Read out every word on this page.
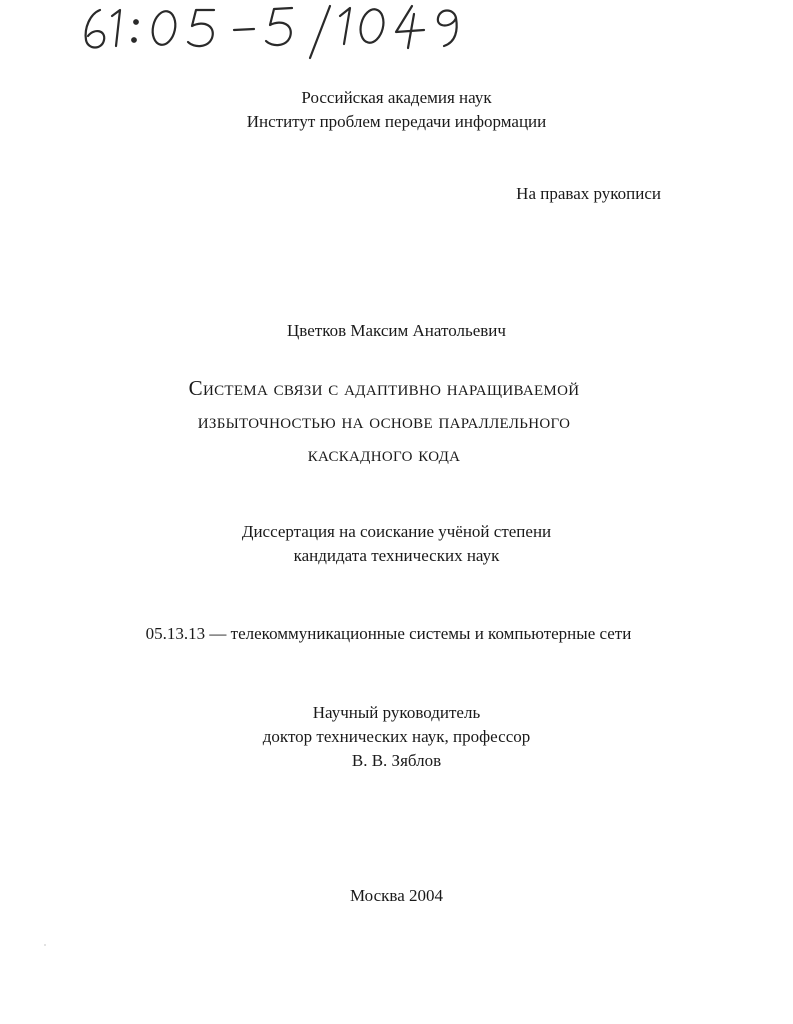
Российская академия наук
Институт проблем передачи информации
На правах рукописи
Цветков Максим Анатольевич
Система связи с адаптивно наращиваемой
избыточностью на основе параллельного
каскадного кода
Диссертация на соискание учёной степени
кандидата технических наук
05.13.13 — телекоммуникационные системы и компьютерные сети
Научный руководитель
доктор технических наук, профессор
В. В. Зяблов
Москва 2004
